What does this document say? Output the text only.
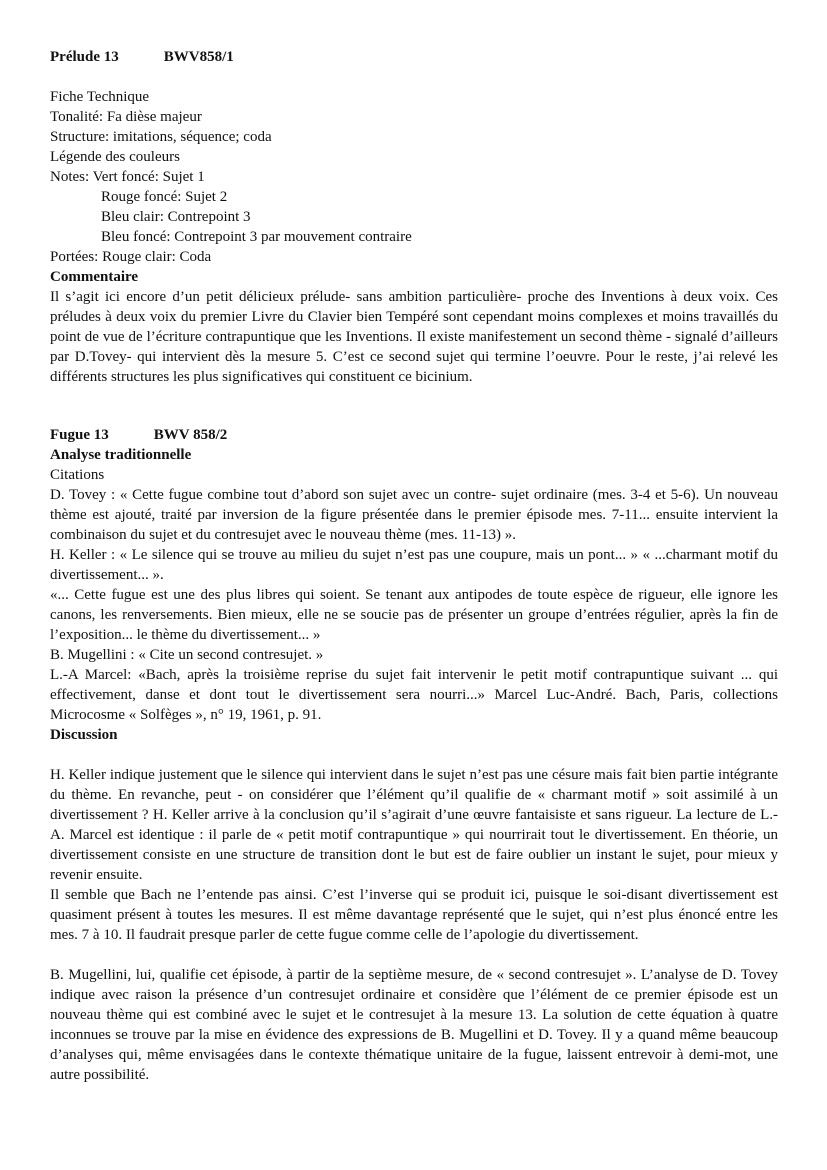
Prélude 13	BWV858/1

Fiche Technique

Tonalité: Fa dièse majeur

Structure: imitations, séquence; coda

Légende des couleurs

Notes: Vert foncé: Sujet 1

Rouge foncé: Sujet 2

Bleu clair: Contrepoint 3

Bleu foncé: Contrepoint 3 par mouvement contraire

Portées: Rouge clair: Coda

Commentaire

Il s’agit ici encore d’un petit délicieux prélude- sans ambition particulière- proche des Inventions à deux voix. Ces préludes à deux voix du premier Livre du Clavier bien Tempéré sont cependant moins complexes et moins travaillés du point de vue de l’écriture contrapuntique que les Inventions. Il existe manifestement un second thème - signalé d’ailleurs par D.Tovey- qui intervient dès la mesure 5. C’est ce second sujet qui termine l’oeuvre. Pour le reste, j’ai relevé les différents structures les plus significatives qui constituent ce bicinium.

Fugue 13	BWV 858/2

Analyse traditionnelle

Citations

D. Tovey : « Cette fugue combine tout d’abord son sujet avec un contre- sujet ordinaire (mes. 3-4 et 5-6). Un nouveau thème est ajouté, traité par inversion de la figure présentée dans le premier épisode mes. 7-11... ensuite intervient la combinaison du sujet et du contresujet avec le nouveau thème (mes. 11-13) ».

H. Keller : « Le silence qui se trouve au milieu du sujet n’est pas une coupure, mais un pont... » « ...charmant motif du divertissement... ».

«... Cette fugue est une des plus libres qui soient. Se tenant aux antipodes de toute espèce de rigueur, elle ignore les canons, les renversements. Bien mieux, elle ne se soucie pas de présenter un groupe d’entrées régulier, après la fin de l’exposition... le thème du divertissement... »

B. Mugellini : « Cite un second contresujet. »

L.-A Marcel: «Bach, après la troisième reprise du sujet fait intervenir le petit motif contrapuntique suivant ... qui effectivement, danse et dont tout le divertissement sera nourri...» Marcel Luc-André. Bach, Paris, collections Microcosme « Solfèges », n° 19, 1961, p. 91.

Discussion

H. Keller indique justement que le silence qui intervient dans le sujet n’est pas une césure mais fait bien partie intégrante du thème. En revanche, peut - on considérer que l’élément qu’il qualifie de « charmant motif » soit assimilé à un divertissement ? H. Keller arrive à la conclusion qu’il s’agirait d’une œuvre fantaisiste et sans rigueur. La lecture de L.-A. Marcel est identique : il parle de « petit motif contrapuntique » qui nourrirait tout le divertissement. En théorie, un divertissement consiste en une structure de transition dont le but est de faire oublier un instant le sujet, pour mieux y revenir ensuite.

Il semble que Bach ne l’entende pas ainsi. C’est l’inverse qui se produit ici, puisque le soi-disant divertissement est quasiment présent à toutes les mesures. Il est même davantage représenté que le sujet, qui n’est plus énoncé entre les mes. 7 à 10. Il faudrait presque parler de cette fugue comme celle de l’apologie du divertissement.

B. Mugellini, lui, qualifie cet épisode, à partir de la septième mesure, de « second contresujet ». L’analyse de D. Tovey indique avec raison la présence d’un contresujet ordinaire et considère que l’élément de ce premier épisode est un nouveau thème qui est combiné avec le sujet et le contresujet à la mesure 13. La solution de cette équation à quatre inconnues se trouve par la mise en évidence des expressions de B. Mugellini et D. Tovey. Il y a quand même beaucoup d’analyses qui, même envisagées dans le contexte thématique unitaire de la fugue, laissent entrevoir à demi-mot, une autre possibilité.
